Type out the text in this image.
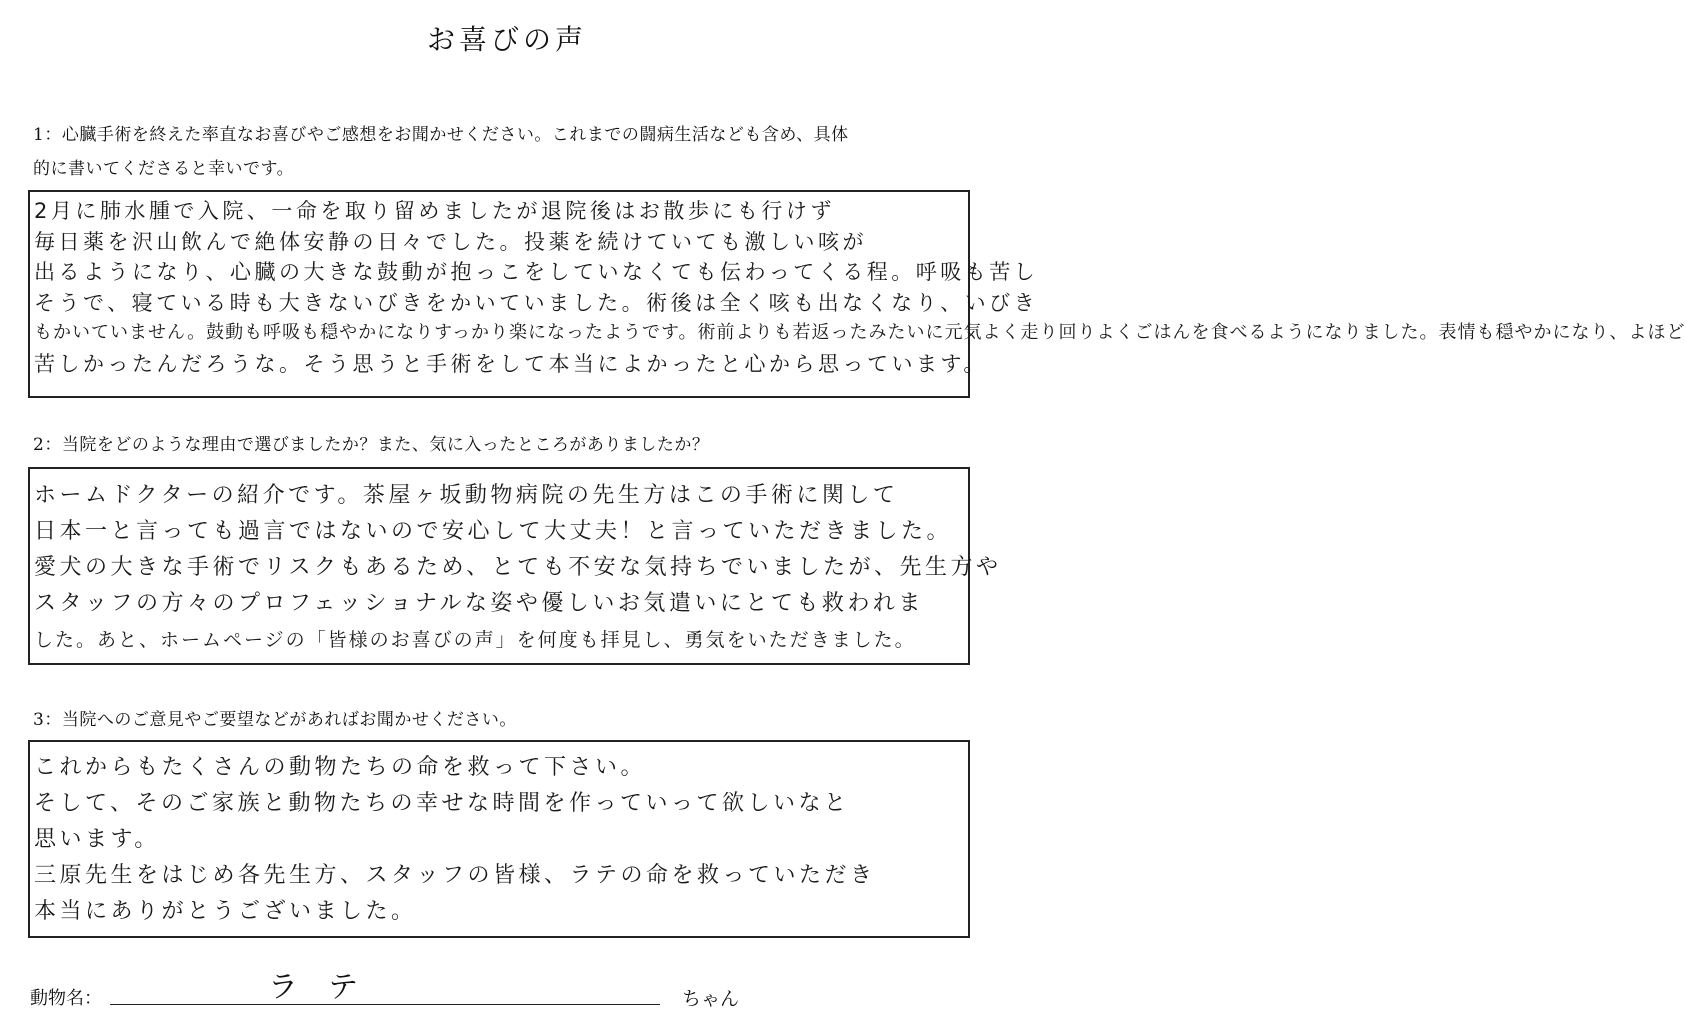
お喜びの声
1：心臓手術を終えた率直なお喜びやご感想をお聞かせください。これまでの闘病生活なども含め、具体
的に書いてくださると幸いです。
2月に肺水腫で入院、一命を取り留めましたが退院後はお散歩にも行けず
毎日薬を沢山飲んで絶体安静の日々でした。投薬を続けていても激しい咳が
出るようになり、心臓の大きな鼓動が抱っこをしていなくても伝わってくる程。呼吸も苦し
そうで、寝ている時も大きないびきをかいていました。術後は全く咳も出なくなり、いびき
もかいていません。鼓動も呼吸も穏やかになりすっかり楽になったようです。術前よりも若返ったみたいに元気よく走り回りよくごはんを食べるようになりました。表情も穏やかになり、よほど
苦しかったんだろうな。そう思うと手術をして本当によかったと心から思っています。
2：当院をどのような理由で選びましたか？また、気に入ったところがありましたか？
ホームドクターの紹介です。茶屋ヶ坂動物病院の先生方はこの手術に関して
日本一と言っても過言ではないので安心して大丈夫！と言っていただきました。
愛犬の大きな手術でリスクもあるため、とても不安な気持ちでいましたが、先生方や
スタッフの方々のプロフェッショナルな姿や優しいお気遣いにとても救われま
した。あと、ホームページの「皆様のお喜びの声」を何度も拝見し、勇気をいただきました。
3：当院へのご意見やご要望などがあればお聞かせください。
これからもたくさんの動物たちの命を救って下さい。
そして、そのご家族と動物たちの幸せな時間を作っていって欲しいなと
思います。
三原先生をはじめ各先生方、スタッフの皆様、ラテの命を救っていただき
本当にありがとうございました。
動物名：	ラテ	ちゃん
